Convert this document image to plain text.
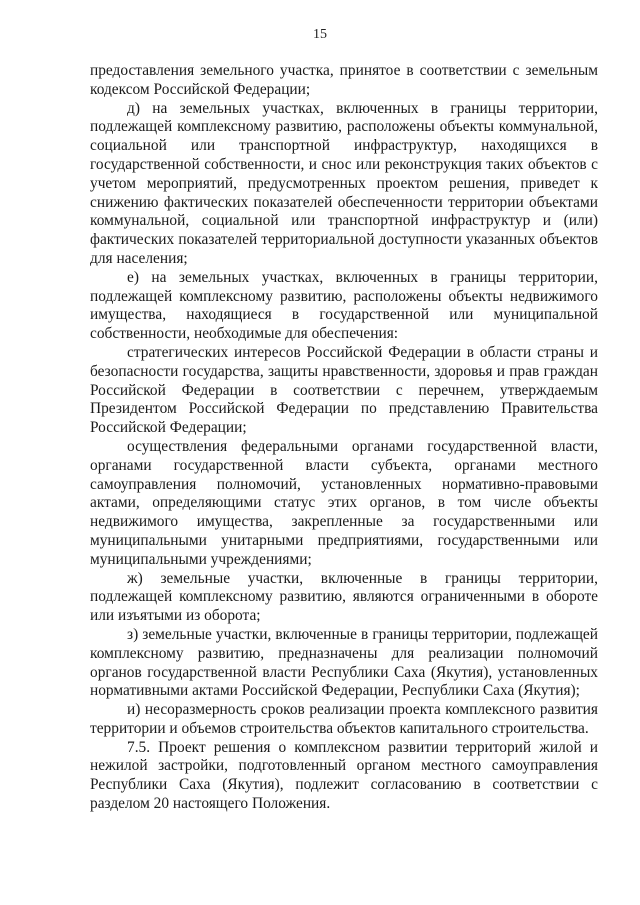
15

предоставления земельного участка, принятое в соответствии с земельным кодексом Российской Федерации;

д) на земельных участках, включенных в границы территории, подлежащей комплексному развитию, расположены объекты коммунальной, социальной или транспортной инфраструктур, находящихся в государственной собственности, и снос или реконструкция таких объектов с учетом мероприятий, предусмотренных проектом решения, приведет к снижению фактических показателей обеспеченности территории объектами коммунальной, социальной или транспортной инфраструктур и (или) фактических показателей территориальной доступности указанных объектов для населения;

е) на земельных участках, включенных в границы территории, подлежащей комплексному развитию, расположены объекты недвижимого имущества, находящиеся в государственной или муниципальной собственности, необходимые для обеспечения:

стратегических интересов Российской Федерации в области страны и безопасности государства, защиты нравственности, здоровья и прав граждан Российской Федерации в соответствии с перечнем, утверждаемым Президентом Российской Федерации по представлению Правительства Российской Федерации;

осуществления федеральными органами государственной власти, органами государственной власти субъекта, органами местного самоуправления полномочий, установленных нормативно-правовыми актами, определяющими статус этих органов, в том числе объекты недвижимого имущества, закрепленные за государственными или муниципальными унитарными предприятиями, государственными или муниципальными учреждениями;

ж) земельные участки, включенные в границы территории, подлежащей комплексному развитию, являются ограниченными в обороте или изъятыми из оборота;

з) земельные участки, включенные в границы территории, подлежащей комплексному развитию, предназначены для реализации полномочий органов государственной власти Республики Саха (Якутия), установленных нормативными актами Российской Федерации, Республики Саха (Якутия);

и) несоразмерность сроков реализации проекта комплексного развития территории и объемов строительства объектов капитального строительства.

7.5. Проект решения о комплексном развитии территорий жилой и нежилой застройки, подготовленный органом местного самоуправления Республики Саха (Якутия), подлежит согласованию в соответствии с разделом 20 настоящего Положения.
